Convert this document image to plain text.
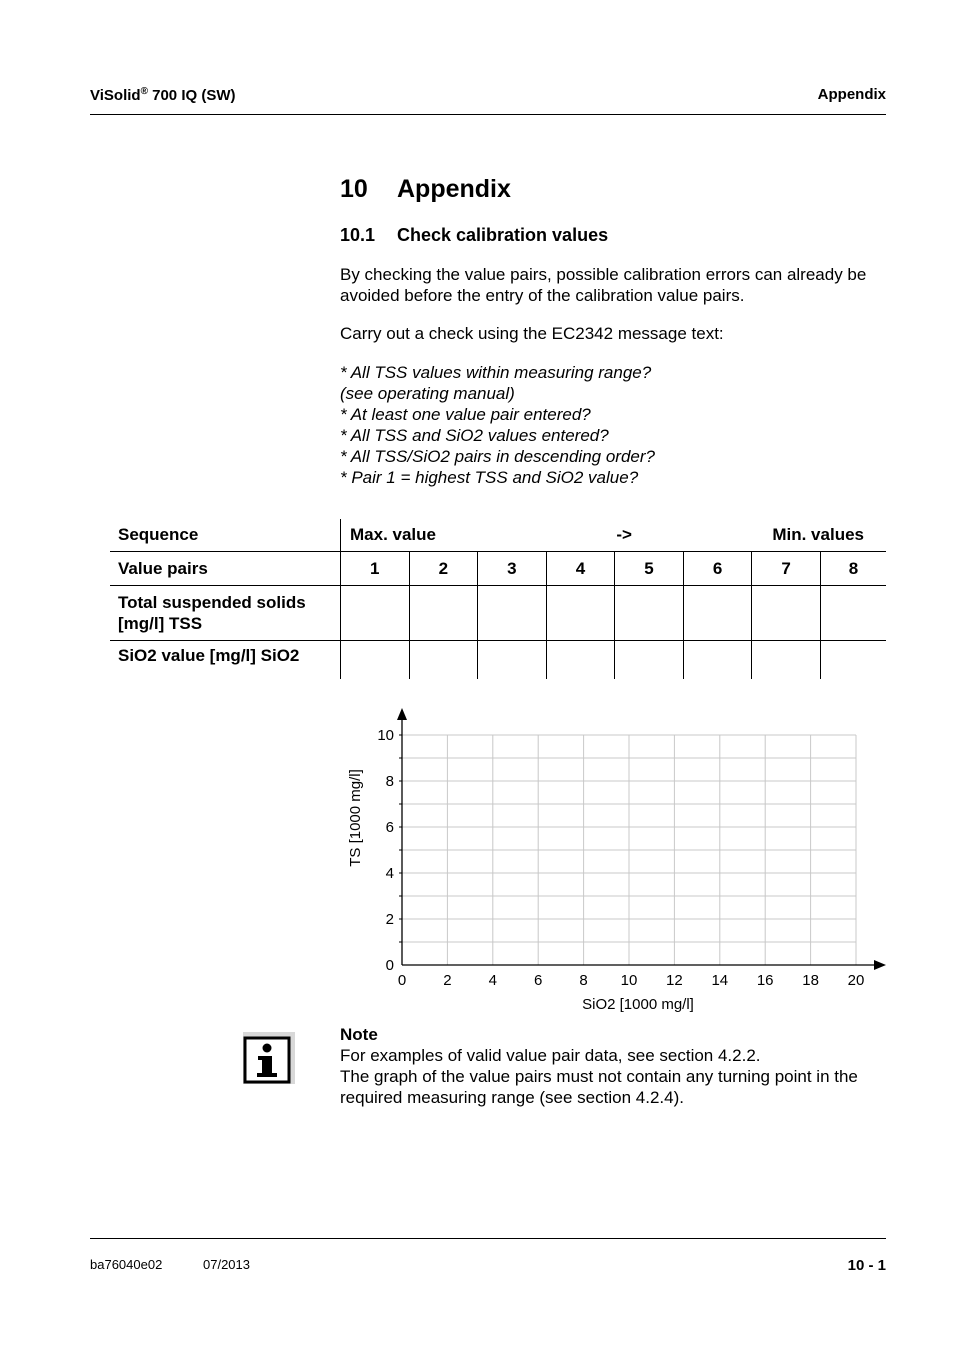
ViSolid® 700 IQ (SW)	Appendix
10 Appendix
10.1 Check calibration values
By checking the value pairs, possible calibration errors can already be avoided before the entry of the calibration value pairs.
Carry out a check using the EC2342 message text:
* All TSS values within measuring range?
(see operating manual)
* At least one value pair entered?
* All TSS and SiO2 values entered?
* All TSS/SiO2 pairs in descending order?
* Pair 1 = highest TSS and SiO2 value?
Sequence	Max. value -> Min. values							

Value pairs	1	2	3	4	5	6	7	8

Total suspended solids
[mg/l] TSS								

SiO2 value [mg/l] SiO2								
0 2 4 6 8 10 12 14 16 18 20
0
2
4
6
8
10
SiO2 [1000 mg/l]
TS [1000 mg/l]
Note
For examples of valid value pair data, see section 4.2.2.
The graph of the value pairs must not contain any turning point in the required measuring range (see section 4.2.4).
ba76040e02	07/2013	10 - 1
